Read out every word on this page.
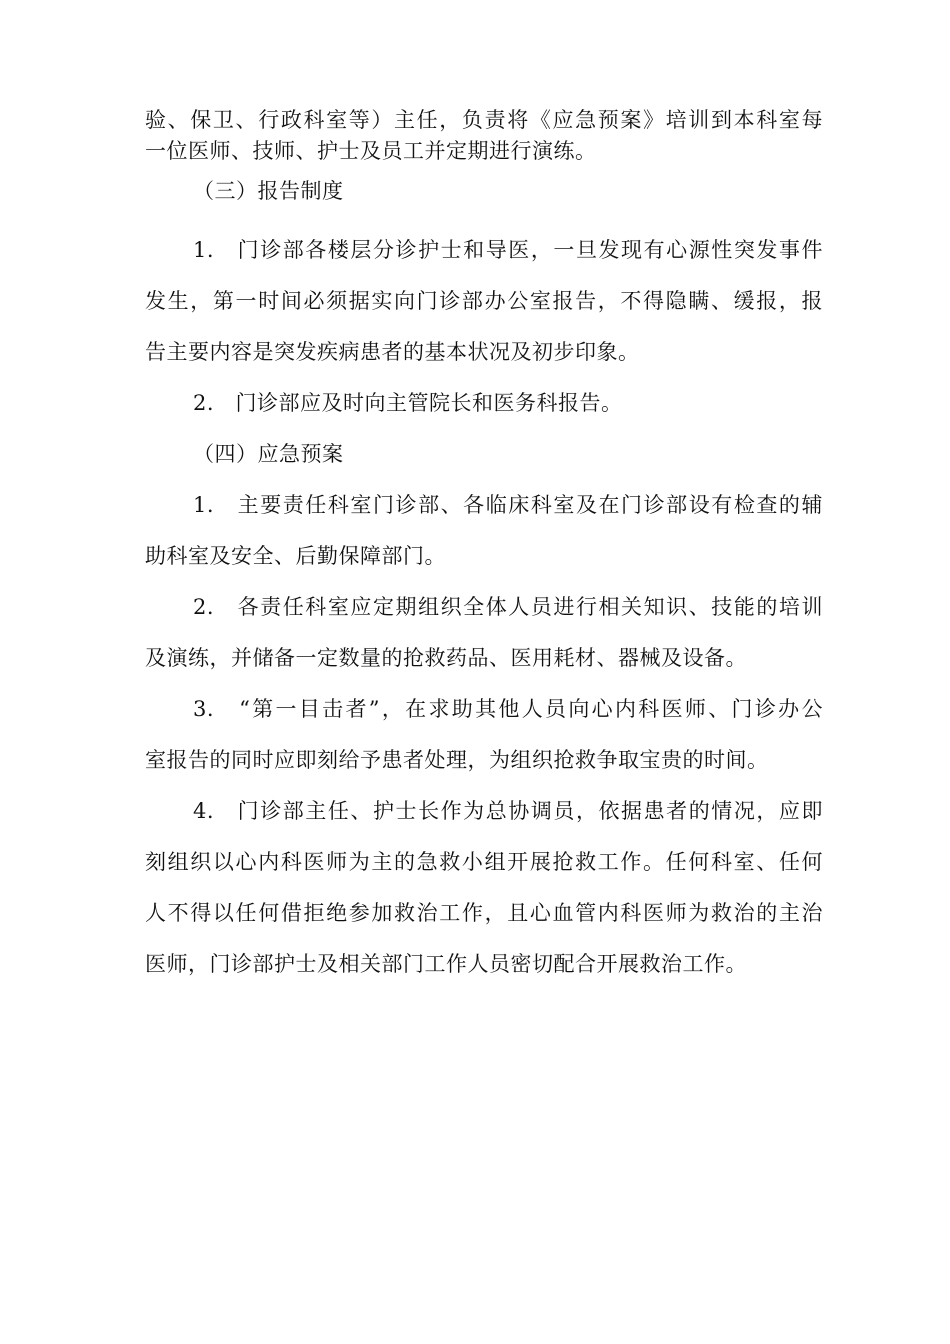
验、保卫、行政科室等）主任，负责将《应急预案》培训到本科室每
一位医师、技师、护士及员工并定期进行演练。
（三）报告制度
1.　门诊部各楼层分诊护士和导医，一旦发现有心源性突发事件
发生，第一时间必须据实向门诊部办公室报告，不得隐瞒、缓报，报
告主要内容是突发疾病患者的基本状况及初步印象。
2.　门诊部应及时向主管院长和医务科报告。
（四）应急预案
1.　主要责任科室门诊部、各临床科室及在门诊部设有检查的辅
助科室及安全、后勤保障部门。
2.　各责任科室应定期组织全体人员进行相关知识、技能的培训
及演练，并储备一定数量的抢救药品、医用耗材、器械及设备。
3.　“第一目击者”，在求助其他人员向心内科医师、门诊办公
室报告的同时应即刻给予患者处理，为组织抢救争取宝贵的时间。
4.　门诊部主任、护士长作为总协调员，依据患者的情况，应即
刻组织以心内科医师为主的急救小组开展抢救工作。任何科室、任何
人不得以任何借拒绝参加救治工作，且心血管内科医师为救治的主治
医师，门诊部护士及相关部门工作人员密切配合开展救治工作。
